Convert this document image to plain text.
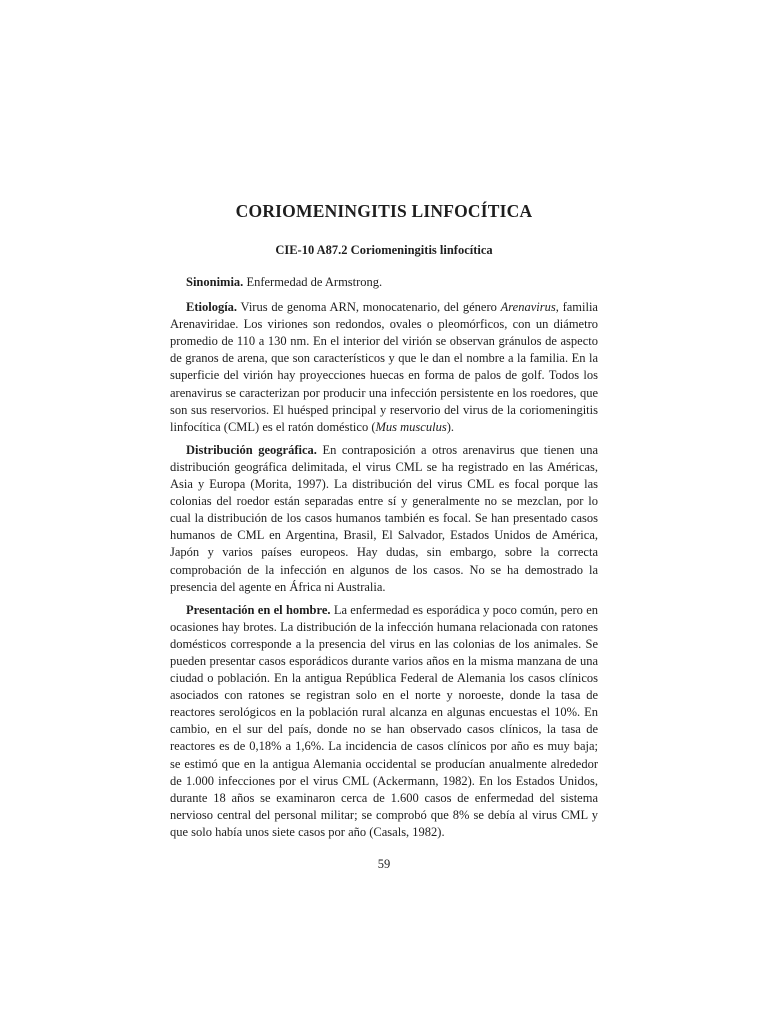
CORIOMENINGITIS LINFOCÍTICA
CIE-10 A87.2 Coriomeningitis linfocítica

Sinonimia. Enfermedad de Armstrong.

Etiología. Virus de genoma ARN, monocatenario, del género Arenavirus, familia Arenaviridae. Los viriones son redondos, ovales o pleomórficos, con un diámetro promedio de 110 a 130 nm. En el interior del virión se observan gránulos de aspecto de granos de arena, que son característicos y que le dan el nombre a la familia. En la superficie del virión hay proyecciones huecas en forma de palos de golf. Todos los arenavirus se caracterizan por producir una infección persistente en los roedores, que son sus reservorios. El huésped principal y reservorio del virus de la coriomeningitis linfocítica (CML) es el ratón doméstico (Mus musculus).

Distribución geográfica. En contraposición a otros arenavirus que tienen una distribución geográfica delimitada, el virus CML se ha registrado en las Américas, Asia y Europa (Morita, 1997). La distribución del virus CML es focal porque las colonias del roedor están separadas entre sí y generalmente no se mezclan, por lo cual la distribución de los casos humanos también es focal. Se han presentado casos humanos de CML en Argentina, Brasil, El Salvador, Estados Unidos de América, Japón y varios países europeos. Hay dudas, sin embargo, sobre la correcta comprobación de la infección en algunos de los casos. No se ha demostrado la presencia del agente en África ni Australia.

Presentación en el hombre. La enfermedad es esporádica y poco común, pero en ocasiones hay brotes. La distribución de la infección humana relacionada con ratones domésticos corresponde a la presencia del virus en las colonias de los animales. Se pueden presentar casos esporádicos durante varios años en la misma manzana de una ciudad o población. En la antigua República Federal de Alemania los casos clínicos asociados con ratones se registran solo en el norte y noroeste, donde la tasa de reactores serológicos en la población rural alcanza en algunas encuestas el 10%. En cambio, en el sur del país, donde no se han observado casos clínicos, la tasa de reactores es de 0,18% a 1,6%. La incidencia de casos clínicos por año es muy baja; se estimó que en la antigua Alemania occidental se producían anualmente alrededor de 1.000 infecciones por el virus CML (Ackermann, 1982). En los Estados Unidos, durante 18 años se examinaron cerca de 1.600 casos de enfermedad del sistema nervioso central del personal militar; se comprobó que 8% se debía al virus CML y que solo había unos siete casos por año (Casals, 1982).

59
